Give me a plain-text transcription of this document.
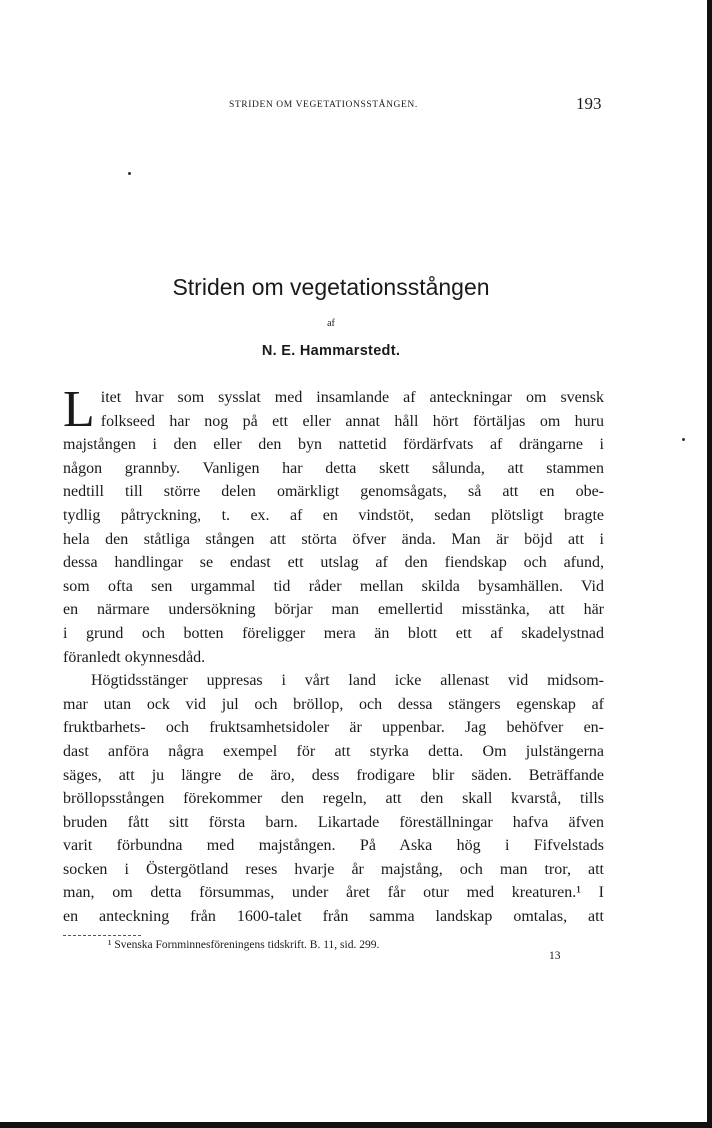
STRIDEN OM VEGETATIONSSTÅNGEN.	193
Striden om vegetationsstången
af
N. E. Hammarstedt.
L itet hvar som sysslat med insamlande af anteckningar om svensk
folkseed har nog på ett eller annat håll hört förtäljas om huru
majstången i den eller den byn nattetid fördärfvats af drängarne i
någon grannby. Vanligen har detta skett sålunda, att stammen
nedtill till större delen omärkligt genomsågats, så att en obe-
tydlig påtryckning, t. ex. af en vindstöt, sedan plötsligt bragte
hela den ståtliga stången att störta öfver ända. Man är böjd att i
dessa handlingar se endast ett utslag af den fiendskap och afund,
som ofta sen urgammal tid råder mellan skilda bysamhällen. Vid
en närmare undersökning börjar man emellertid misstänka, att här
i grund och botten föreligger mera än blott ett af skadelystnad
föranledt okynnesdåd.
Högtidsstänger uppresas i vårt land icke allenast vid midsom-
mar utan ock vid jul och bröllop, och dessa stängers egenskap af
fruktbarhets- och fruktsamhetsidoler är uppenbar. Jag behöfver en-
dast anföra några exempel för att styrka detta. Om julstängerna
säges, att ju längre de äro, dess frodigare blir säden. Beträffande
bröllopsstången förekommer den regeln, att den skall kvarstå, tills
bruden fått sitt första barn. Likartade föreställningar hafva äfven
varit förbundna med majstången. På Aska hög i Fifvelstads
socken i Östergötland reses hvarje år majstång, och man tror, att
man, om detta försummas, under året får otur med kreaturen.¹ I
en anteckning från 1600-talet från samma landskap omtalas, att
¹ Svenska Fornminnesföreningens tidskrift. B. 11, sid. 299.
13
